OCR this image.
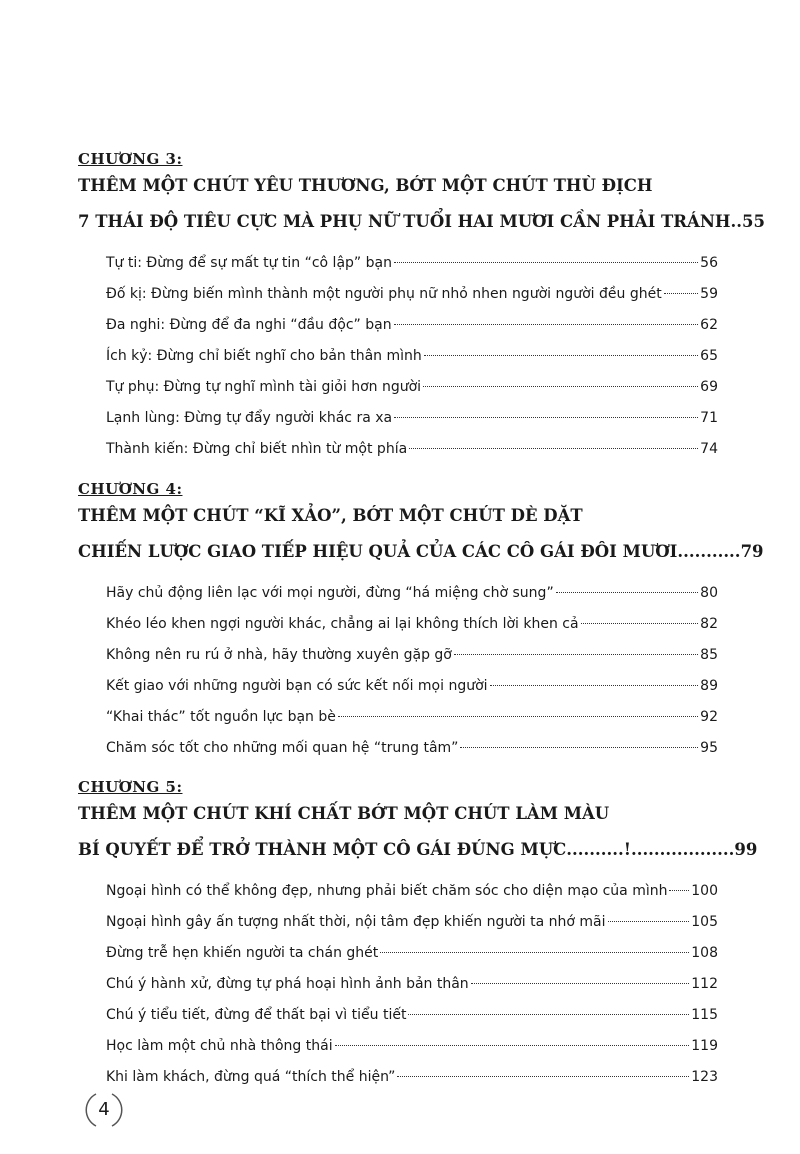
CHƯƠNG 3:
THÊM MỘT CHÚT YÊU THƯƠNG, BỚT MỘT CHÚT THÙ ĐỊCH
7 THÁI ĐỘ TIÊU CỰC MÀ PHỤ NỮ TUỔI HAI MƯƠI CẦN PHẢI TRÁNH .. 55
Tự ti: Đừng để sự mất tự tin “cô lập” bạn	56
Đố kị: Đừng biến mình thành một người phụ nữ nhỏ nhen người người đều ghét	59
Đa nghi: Đừng để đa nghi “đầu độc” bạn	62
Ích kỷ: Đừng chỉ biết nghĩ cho bản thân mình	65
Tự phụ: Đừng tự nghĩ mình tài giỏi hơn người	69
Lạnh lùng: Đừng tự đẩy người khác ra xa	71
Thành kiến: Đừng chỉ biết nhìn từ một phía	74
CHƯƠNG 4:
THÊM MỘT CHÚT “KĨ XẢO”, BỚT MỘT CHÚT DÈ DẶT
CHIẾN LƯỢC GIAO TIẾP HIỆU QUẢ CỦA CÁC CÔ GÁI ĐÔI MƯƠI ........... 79
Hãy chủ động liên lạc với mọi người, đừng “há miệng chờ sung”	80
Khéo léo khen ngợi người khác, chẳng ai lại không thích lời khen cả	82
Không nên ru rú ở nhà, hãy thường xuyên gặp gỡ	85
Kết giao với những người bạn có sức kết nối mọi người	89
“Khai thác” tốt nguồn lực bạn bè	92
Chăm sóc tốt cho những mối quan hệ “trung tâm”	95
CHƯƠNG 5:
THÊM MỘT CHÚT KHÍ CHẤT BỚT MỘT CHÚT LÀM MÀU
BÍ QUYẾT ĐỂ TRỞ THÀNH MỘT CÔ GÁI ĐÚNG MỰC ..........!.................. 99
Ngoại hình có thể không đẹp, nhưng phải biết chăm sóc cho diện mạo của mình 100
Ngoại hình gây ấn tượng nhất thời, nội tâm đẹp khiến người ta nhớ mãi	105
Đừng trễ hẹn khiến người ta chán ghét	108
Chú ý hành xử, đừng tự phá hoại hình ảnh bản thân	112
Chú ý tiểu tiết, đừng để thất bại vì tiểu tiết	115
Học làm một chủ nhà thông thái	119
Khi làm khách, đừng quá “thích thể hiện”	123
4
